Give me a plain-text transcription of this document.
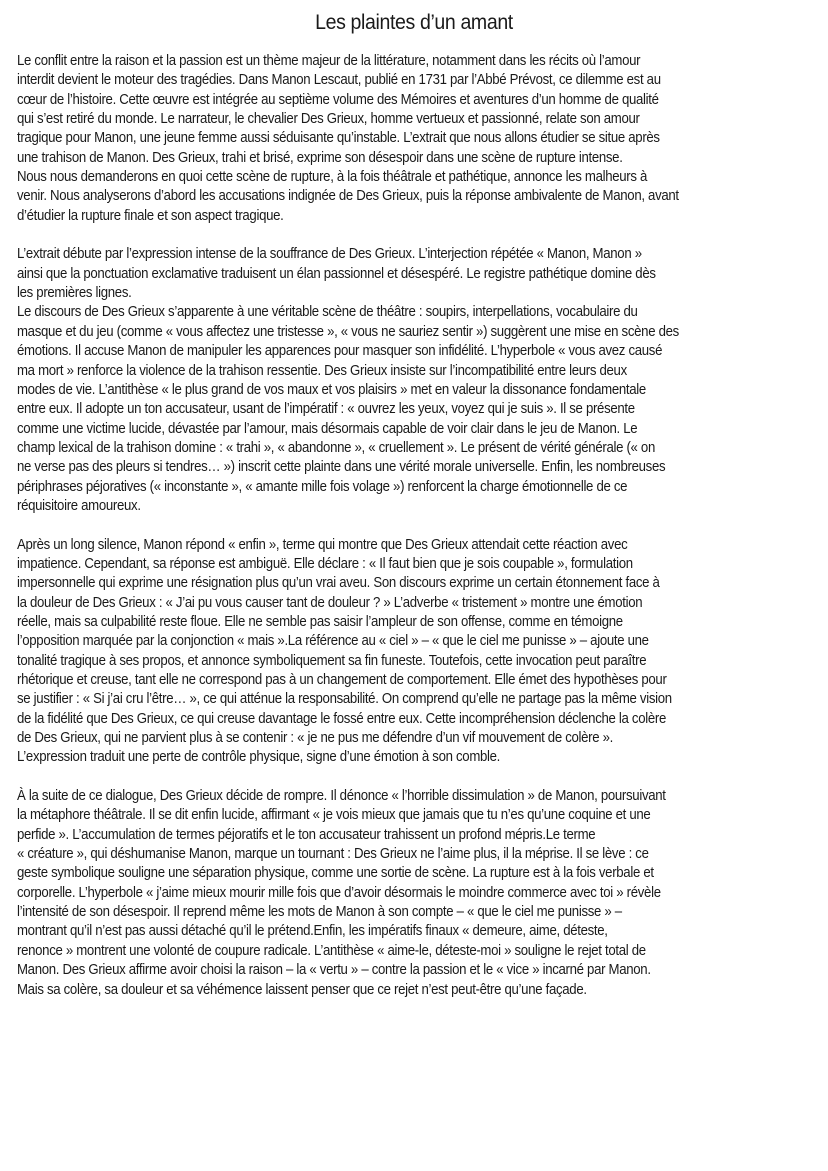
Les plaintes d’un amant
Le conflit entre la raison et la passion est un thème majeur de la littérature, notamment dans les récits où l’amour
interdit devient le moteur des tragédies. Dans Manon Lescaut, publié en 1731 par l’Abbé Prévost, ce dilemme est au
cœur de l’histoire. Cette œuvre est intégrée au septième volume des Mémoires et aventures d’un homme de qualité
qui s’est retiré du monde. Le narrateur, le chevalier Des Grieux, homme vertueux et passionné, relate son amour
tragique pour Manon, une jeune femme aussi séduisante qu’instable. L’extrait que nous allons étudier se situe après
une trahison de Manon. Des Grieux, trahi et brisé, exprime son désespoir dans une scène de rupture intense.
Nous nous demanderons en quoi cette scène de rupture, à la fois théâtrale et pathétique, annonce les malheurs à
venir. Nous analyserons d’abord les accusations indignée de Des Grieux, puis la réponse ambivalente de Manon, avant
d’étudier la rupture finale et son aspect tragique.
L’extrait débute par l’expression intense de la souffrance de Des Grieux. L’interjection répétée « Manon, Manon »
ainsi que la ponctuation exclamative traduisent un élan passionnel et désespéré. Le registre pathétique domine dès
les premières lignes.
Le discours de Des Grieux s’apparente à une véritable scène de théâtre : soupirs, interpellations, vocabulaire du
masque et du jeu (comme « vous affectez une tristesse », « vous ne sauriez sentir ») suggèrent une mise en scène des
émotions. Il accuse Manon de manipuler les apparences pour masquer son infidélité. L’hyperbole « vous avez causé
ma mort » renforce la violence de la trahison ressentie. Des Grieux insiste sur l’incompatibilité entre leurs deux
modes de vie. L’antithèse « le plus grand de vos maux et vos plaisirs » met en valeur la dissonance fondamentale
entre eux. Il adopte un ton accusateur, usant de l’impératif : « ouvrez les yeux, voyez qui je suis ». Il se présente
comme une victime lucide, dévastée par l’amour, mais désormais capable de voir clair dans le jeu de Manon. Le
champ lexical de la trahison domine : « trahi », « abandonne », « cruellement ». Le présent de vérité générale (« on
ne verse pas des pleurs si tendres… ») inscrit cette plainte dans une vérité morale universelle. Enfin, les nombreuses
périphrases péjoratives (« inconstante », « amante mille fois volage ») renforcent la charge émotionnelle de ce
réquisitoire amoureux.
Après un long silence, Manon répond « enfin », terme qui montre que Des Grieux attendait cette réaction avec
impatience. Cependant, sa réponse est ambiguë. Elle déclare : « Il faut bien que je sois coupable », formulation
impersonnelle qui exprime une résignation plus qu’un vrai aveu. Son discours exprime un certain étonnement face à
la douleur de Des Grieux : « J’ai pu vous causer tant de douleur ? » L’adverbe « tristement » montre une émotion
réelle, mais sa culpabilité reste floue. Elle ne semble pas saisir l’ampleur de son offense, comme en témoigne
l’opposition marquée par la conjonction « mais ».La référence au « ciel » – « que le ciel me punisse » – ajoute une
tonalité tragique à ses propos, et annonce symboliquement sa fin funeste. Toutefois, cette invocation peut paraître
rhétorique et creuse, tant elle ne correspond pas à un changement de comportement. Elle émet des hypothèses pour
se justifier : « Si j’ai cru l’être… », ce qui atténue la responsabilité. On comprend qu’elle ne partage pas la même vision
de la fidélité que Des Grieux, ce qui creuse davantage le fossé entre eux. Cette incompréhension déclenche la colère
de Des Grieux, qui ne parvient plus à se contenir : « je ne pus me défendre d’un vif mouvement de colère ».
L’expression traduit une perte de contrôle physique, signe d’une émotion à son comble.
À la suite de ce dialogue, Des Grieux décide de rompre. Il dénonce « l’horrible dissimulation » de Manon, poursuivant
la métaphore théâtrale. Il se dit enfin lucide, affirmant « je vois mieux que jamais que tu n’es qu’une coquine et une
perfide ». L’accumulation de termes péjoratifs et le ton accusateur trahissent un profond mépris.Le terme
« créature », qui déshumanise Manon, marque un tournant : Des Grieux ne l’aime plus, il la méprise. Il se lève : ce
geste symbolique souligne une séparation physique, comme une sortie de scène. La rupture est à la fois verbale et
corporelle. L’hyperbole « j’aime mieux mourir mille fois que d’avoir désormais le moindre commerce avec toi » révèle
l’intensité de son désespoir. Il reprend même les mots de Manon à son compte – « que le ciel me punisse » –
montrant qu’il n’est pas aussi détaché qu’il le prétend.Enfin, les impératifs finaux « demeure, aime, déteste,
renonce » montrent une volonté de coupure radicale. L’antithèse « aime-le, déteste-moi » souligne le rejet total de
Manon. Des Grieux affirme avoir choisi la raison – la « vertu » – contre la passion et le « vice » incarné par Manon.
Mais sa colère, sa douleur et sa véhémence laissent penser que ce rejet n’est peut-être qu’une façade.
